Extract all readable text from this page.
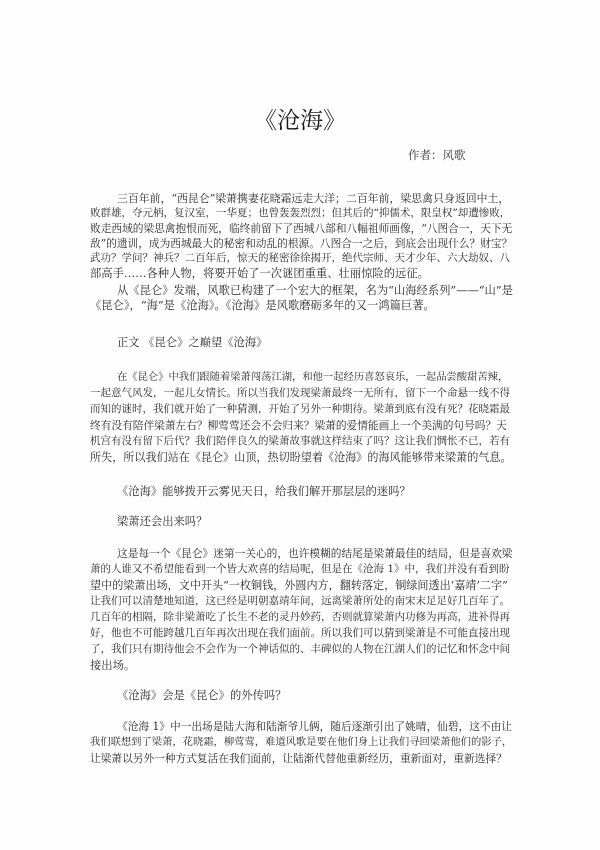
《沧海》
作者：风歌
三百年前，“西昆仑”梁萧携妻花晓霜远走大洋；二百年前，梁思禽只身返回中土，
败群雄，夺元柄，复汉室，一华夏；也曾轰轰烈烈；但其后的“抑儒术，限皇权”却遭惨败，
败走西域的梁思禽抱恨而死，临终前留下了西城八部和八幅祖师画像，“八图合一，天下无
敌”的遗训，成为西城最大的秘密和动乱的根源。八图合一之后，到底会出现什么？财宝？
武功？学问？神兵？二百年后，惊天的秘密徐徐揭开，绝代宗师、天才少年、六大劫奴、八
部高手……各种人物，将要开始了一次谜团重重、壮丽惊险的远征。
从《昆仑》发端，风歌已构建了一个宏大的框架，名为“山海经系列”——“山”是
《昆仑》，“海”是《沧海》。《沧海》是风歌磨砺多年的又一鸿篇巨著。
正文 《昆仑》之巅望《沧海》
在《昆仑》中我们跟随着梁萧闯荡江湖，和他一起经历喜怒哀乐，一起品尝酸甜苦辣，
一起意气风发，一起儿女情长。所以当我们发现梁萧最终一无所有，留下一个命悬一线不得
而知的谜时，我们就开始了一种猜测，开始了另外一种期待。梁萧到底有没有死？花晓霜最
终有没有陪伴梁萧左右？柳莺莺还会不会归来？梁萧的爱情能画上一个美满的句号吗？天
机宫有没有留下后代？我们陪伴良久的梁萧故事就这样结束了吗？这让我们惆怅不已，若有
所失，所以我们站在《昆仑》山顶，热切盼望着《沧海》的海风能够带来梁萧的气息。
《沧海》能够拨开云雾见天日，给我们解开那层层的迷吗？
梁萧还会出来吗？
这是每一个《昆仑》迷第一关心的，也许模糊的结尾是梁萧最佳的结局，但是喜欢梁
萧的人谁又不希望能看到一个皆大欢喜的结局呢，但是在《沧海 1》中，我们并没有看到盼
望中的梁萧出场，文中开头“一枚铜钱，外圆内方，翻转落定，铜绿间透出‘嘉靖’二字”
让我们可以清楚地知道，这已经是明朝嘉靖年间，远离梁萧所处的南宋末足足好几百年了。
几百年的相隔，除非梁萧吃了长生不老的灵丹妙药，否则就算梁萧内功修为再高，进补得再
好，他也不可能跨越几百年再次出现在我们面前。所以我们可以猜到梁萧是不可能直接出现
了，我们只有期待他会不会作为一个神话似的、丰碑似的人物在江湖人们的记忆和怀念中间
接出场。
《沧海》会是《昆仑》的外传吗？
《沧海 1》中一出场是陆大海和陆渐爷儿俩，随后逐渐引出了姚晴，仙碧，这不由让
我们联想到了梁萧，花晓霜，柳莺莺，难道风歌是要在他们身上让我们寻回梁萧他们的影子，
让梁萧以另外一种方式复活在我们面前，让陆渐代替他重新经历，重新面对，重新选择？
